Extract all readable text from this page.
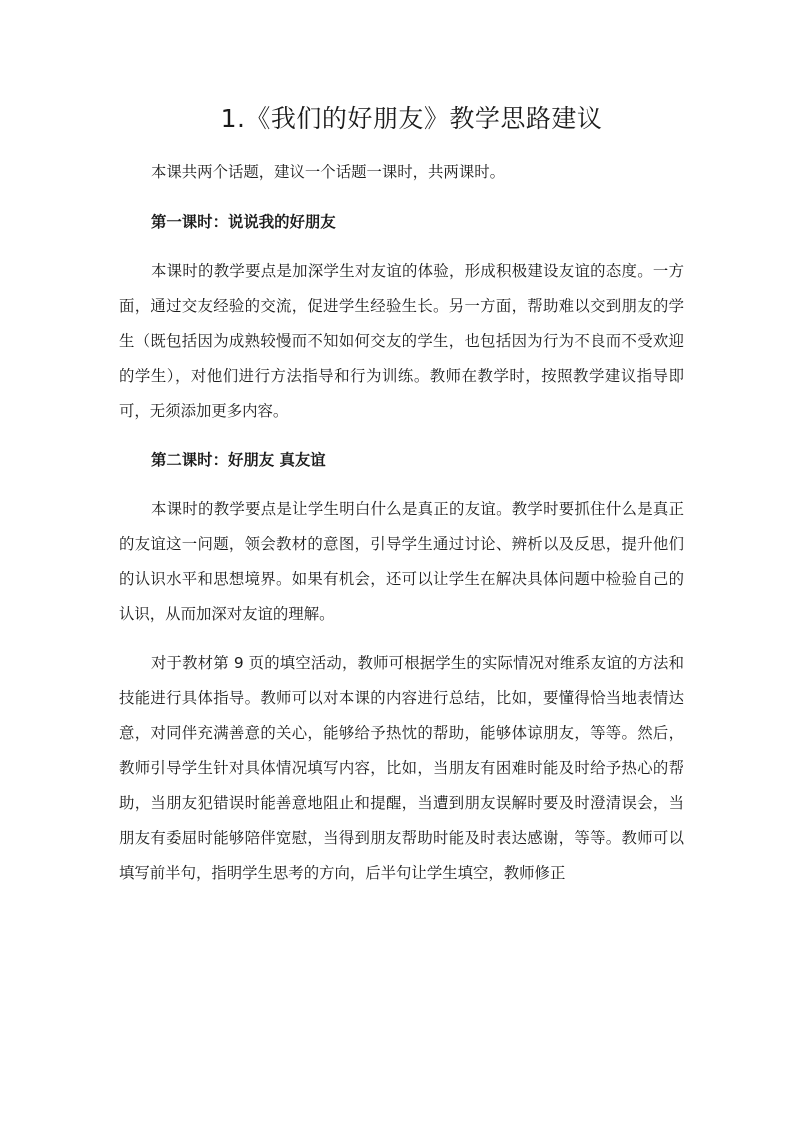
1.《我们的好朋友》教学思路建议

本课共两个话题，建议一个话题一课时，共两课时。

第一课时：说说我的好朋友

本课时的教学要点是加深学生对友谊的体验，形成积极建设友谊的态度。一方面，通过交友经验的交流，促进学生经验生长。另一方面，帮助难以交到朋友的学生（既包括因为成熟较慢而不知如何交友的学生，也包括因为行为不良而不受欢迎的学生），对他们进行方法指导和行为训练。教师在教学时，按照教学建议指导即可，无须添加更多内容。

第二课时：好朋友 真友谊

本课时的教学要点是让学生明白什么是真正的友谊。教学时要抓住什么是真正的友谊这一问题，领会教材的意图，引导学生通过讨论、辨析以及反思，提升他们的认识水平和思想境界。如果有机会，还可以让学生在解决具体问题中检验自己的认识，从而加深对友谊的理解。

对于教材第 9 页的填空活动，教师可根据学生的实际情况对维系友谊的方法和技能进行具体指导。教师可以对本课的内容进行总结，比如，要懂得恰当地表情达意，对同伴充满善意的关心，能够给予热忱的帮助，能够体谅朋友，等等。然后，教师引导学生针对具体情况填写内容，比如，当朋友有困难时能及时给予热心的帮助，当朋友犯错误时能善意地阻止和提醒，当遭到朋友误解时要及时澄清误会，当朋友有委屈时能够陪伴宽慰，当得到朋友帮助时能及时表达感谢，等等。教师可以填写前半句，指明学生思考的方向，后半句让学生填空，教师修正
